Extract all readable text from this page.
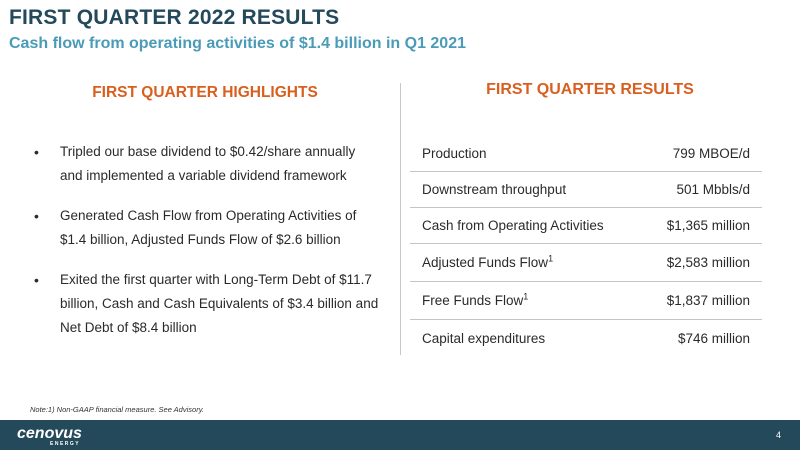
FIRST QUARTER 2022 RESULTS
Cash flow from operating activities of $1.4 billion in Q1 2021
FIRST QUARTER HIGHLIGHTS	FIRST QUARTER RESULTS
•	Tripled our base dividend to $0.42/share annually and implemented a variable dividend framework
•	Generated Cash Flow from Operating Activities of $1.4 billion, Adjusted Funds Flow of $2.6 billion
•	Exited the first quarter with Long-Term Debt of $11.7 billion, Cash and Cash Equivalents of $3.4 billion and Net Debt of $8.4 billion
Production	799 MBOE/d
Downstream throughput	501 Mbbls/d
Cash from Operating Activities	$1,365 million
Adjusted Funds Flow$^1$	$2,583 million
Free Funds Flow$^1$	$1,837 million
Capital expenditures	$746 million
Note:1) Non-GAAP financial measure. See Advisory.
cenovus
ENERGY
4
